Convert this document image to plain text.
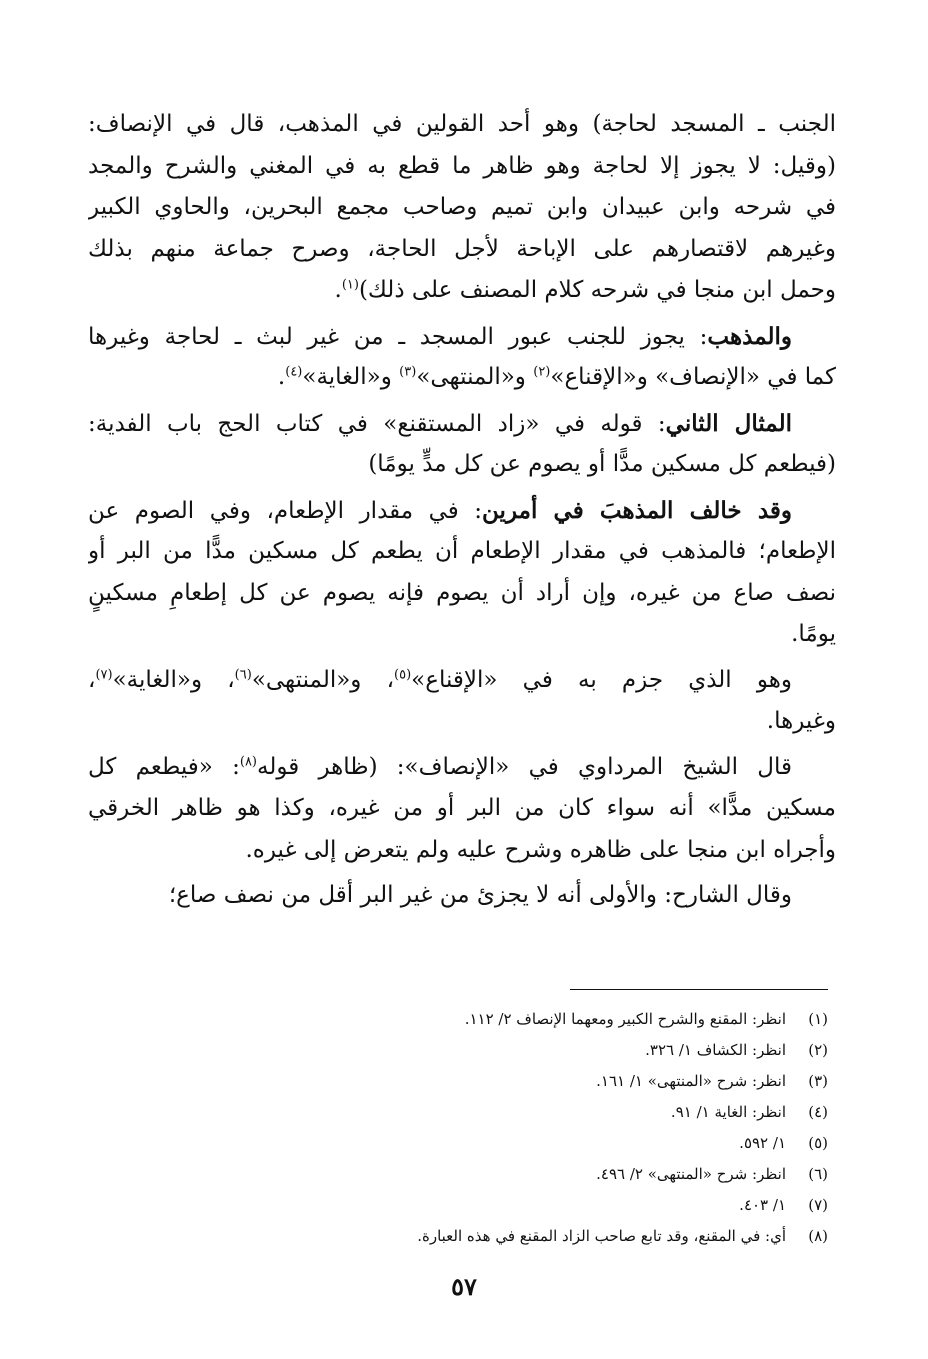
الجنب ـ المسجد لحاجة) وهو أحد القولين في المذهب، قال في الإنصاف:
(وقيل: لا يجوز إلا لحاجة وهو ظاهر ما قطع به في المغني والشرح والمجد
في شرحه وابن عبيدان وابن تميم وصاحب مجمع البحرين، والحاوي الكبير
وغيرهم لاقتصارهم على الإباحة لأجل الحاجة، وصرح جماعة منهم بذلك
وحمل ابن منجا في شرحه كلام المصنف على ذلك)$^{(١)}$.
والمذهب: يجوز للجنب عبور المسجد ـ من غير لبث ـ لحاجة وغيرها
كما في «الإنصاف» و«الإقناع»$^{(٢)}$ و«المنتهى»$^{(٣)}$ و«الغاية»$^{(٤)}$.
المثال الثاني: قوله في «زاد المستقنع» في كتاب الحج باب الفدية:
(فيطعم كل مسكين مدًّا أو يصوم عن كل مدٍّ يومًا)
وقد خالف المذهبَ في أمرين: في مقدار الإطعام، وفي الصوم عن
الإطعام؛ فالمذهب في مقدار الإطعام أن يطعم كل مسكين مدًّا من البر أو
نصف صاع من غيره، وإن أراد أن يصوم فإنه يصوم عن كل إطعامِ مسكينٍ
يومًا.
وهو الذي جزم به في «الإقناع»$^{(٥)}$، و«المنتهى»$^{(٦)}$، و«الغاية»$^{(٧)}$،
وغيرها.
قال الشيخ المرداوي في «الإنصاف»: (ظاهر قوله$^{(٨)}$: «فيطعم كل
مسكين مدًّا» أنه سواء كان من البر أو من غيره، وكذا هو ظاهر الخرقي
وأجراه ابن منجا على ظاهره وشرح عليه ولم يتعرض إلى غيره.
وقال الشارح: والأولى أنه لا يجزئ من غير البر أقل من نصف صاع؛
(١)
انظر: المقنع والشرح الكبير ومعهما الإنصاف ٢/ ١١٢.
(٢)
انظر: الكشاف ١/ ٣٢٦.
(٣)
انظر: شرح «المنتهى» ١/ ١٦١.
(٤)
انظر: الغاية ١/ ٩١.
(٥)
١/ ٥٩٢.
(٦)
انظر: شرح «المنتهى» ٢/ ٤٩٦.
(٧)
١/ ٤٠٣.
(٨)
أي: في المقنع، وقد تابع صاحب الزاد المقنع في هذه العبارة.
٥٧
